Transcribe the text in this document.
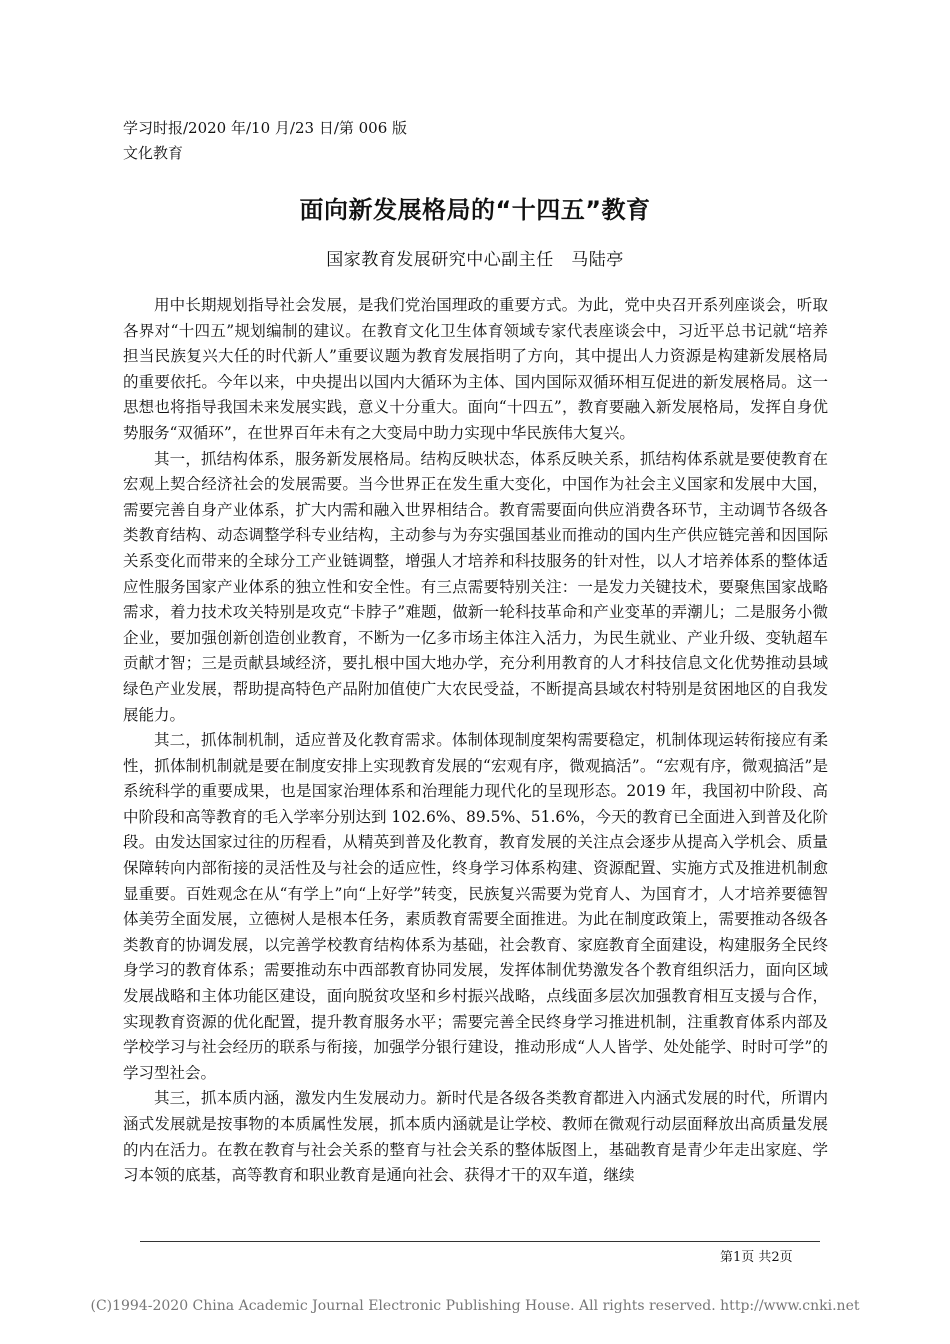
学习时报/2020 年/10 月/23 日/第 006 版
文化教育
面向新发展格局的“十四五”教育
国家教育发展研究中心副主任　马陆亭

用中长期规划指导社会发展，是我们党治国理政的重要方式。为此，党中央召开系列座谈会，听取各界对“十四五”规划编制的建议。在教育文化卫生体育领域专家代表座谈会中，习近平总书记就“培养担当民族复兴大任的时代新人”重要议题为教育发展指明了方向，其中提出人力资源是构建新发展格局的重要依托。今年以来，中央提出以国内大循环为主体、国内国际双循环相互促进的新发展格局。这一思想也将指导我国未来发展实践，意义十分重大。面向“十四五”，教育要融入新发展格局，发挥自身优势服务“双循环”，在世界百年未有之大变局中助力实现中华民族伟大复兴。

其一，抓结构体系，服务新发展格局。结构反映状态，体系反映关系，抓结构体系就是要使教育在宏观上契合经济社会的发展需要。当今世界正在发生重大变化，中国作为社会主义国家和发展中大国，需要完善自身产业体系，扩大内需和融入世界相结合。教育需要面向供应消费各环节，主动调节各级各类教育结构、动态调整学科专业结构，主动参与为夯实强国基业而推动的国内生产供应链完善和因国际关系变化而带来的全球分工产业链调整，增强人才培养和科技服务的针对性，以人才培养体系的整体适应性服务国家产业体系的独立性和安全性。有三点需要特别关注：一是发力关键技术，要聚焦国家战略需求，着力技术攻关特别是攻克“卡脖子”难题，做新一轮科技革命和产业变革的弄潮儿；二是服务小微企业，要加强创新创造创业教育，不断为一亿多市场主体注入活力，为民生就业、产业升级、变轨超车贡献才智；三是贡献县域经济，要扎根中国大地办学，充分利用教育的人才科技信息文化优势推动县域绿色产业发展，帮助提高特色产品附加值使广大农民受益，不断提高县域农村特别是贫困地区的自我发展能力。

其二，抓体制机制，适应普及化教育需求。体制体现制度架构需要稳定，机制体现运转衔接应有柔性，抓体制机制就是要在制度安排上实现教育发展的“宏观有序，微观搞活”。“宏观有序，微观搞活”是系统科学的重要成果，也是国家治理体系和治理能力现代化的呈现形态。2019 年，我国初中阶段、高中阶段和高等教育的毛入学率分别达到 102.6%、89.5%、51.6%，今天的教育已全面进入到普及化阶段。由发达国家过往的历程看，从精英到普及化教育，教育发展的关注点会逐步从提高入学机会、质量保障转向内部衔接的灵活性及与社会的适应性，终身学习体系构建、资源配置、实施方式及推进机制愈显重要。百姓观念在从“有学上”向“上好学”转变，民族复兴需要为党育人、为国育才，人才培养要德智体美劳全面发展，立德树人是根本任务，素质教育需要全面推进。为此在制度政策上，需要推动各级各类教育的协调发展，以完善学校教育结构体系为基础，社会教育、家庭教育全面建设，构建服务全民终身学习的教育体系；需要推动东中西部教育协同发展，发挥体制优势激发各个教育组织活力，面向区域发展战略和主体功能区建设，面向脱贫攻坚和乡村振兴战略，点线面多层次加强教育相互支援与合作，实现教育资源的优化配置，提升教育服务水平；需要完善全民终身学习推进机制，注重教育体系内部及学校学习与社会经历的联系与衔接，加强学分银行建设，推动形成“人人皆学、处处能学、时时可学”的学习型社会。

其三，抓本质内涵，激发内生发展动力。新时代是各级各类教育都进入内涵式发展的时代，所谓内涵式发展就是按事物的本质属性发展，抓本质内涵就是让学校、教师在微观行动层面释放出高质量发展的内在活力。在教在教育与社会关系的整育与社会关系的整体版图上，基础教育是青少年走出家庭、学习本领的底基，高等教育和职业教育是通向社会、获得才干的双车道，继续

第1页 共2页
(C)1994-2020 China Academic Journal Electronic Publishing House. All rights reserved. http://www.cnki.net
